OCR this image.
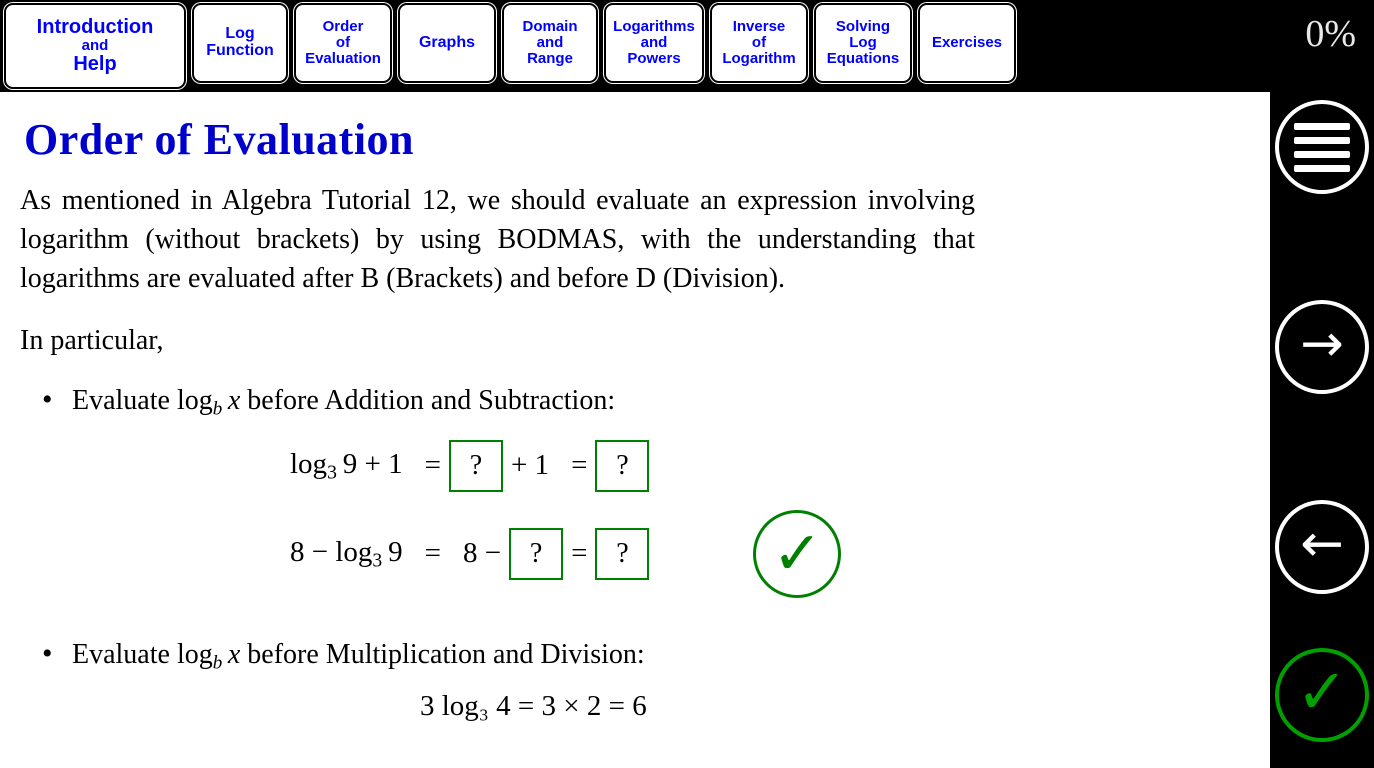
Introduction
and
Help
Log
Function
Order
of
Evaluation
Graphs
Domain
and
Range
Logarithms
and
Powers
Inverse
of
Logarithm
Solving
Log
Equations
Exercises	0%
Order of Evaluation

As mentioned in Algebra Tutorial 12, we should evaluate an expression involving logarithm (without brackets) by using BODMAS, with the understanding that logarithms are evaluated after B (Brackets) and before D (Division).

In particular,

• Evaluate $\log_b x$ before Addition and Subtraction:
$\log_3 9 + 1$ =	? + 1 =	?
$8 - \log_3 9 = 8$ −	? =	?	✓
• Evaluate $\log_b x$ before Multiplication and Division:
3 log₃ 4 = 3 × 2 = 6
→
←
✓
